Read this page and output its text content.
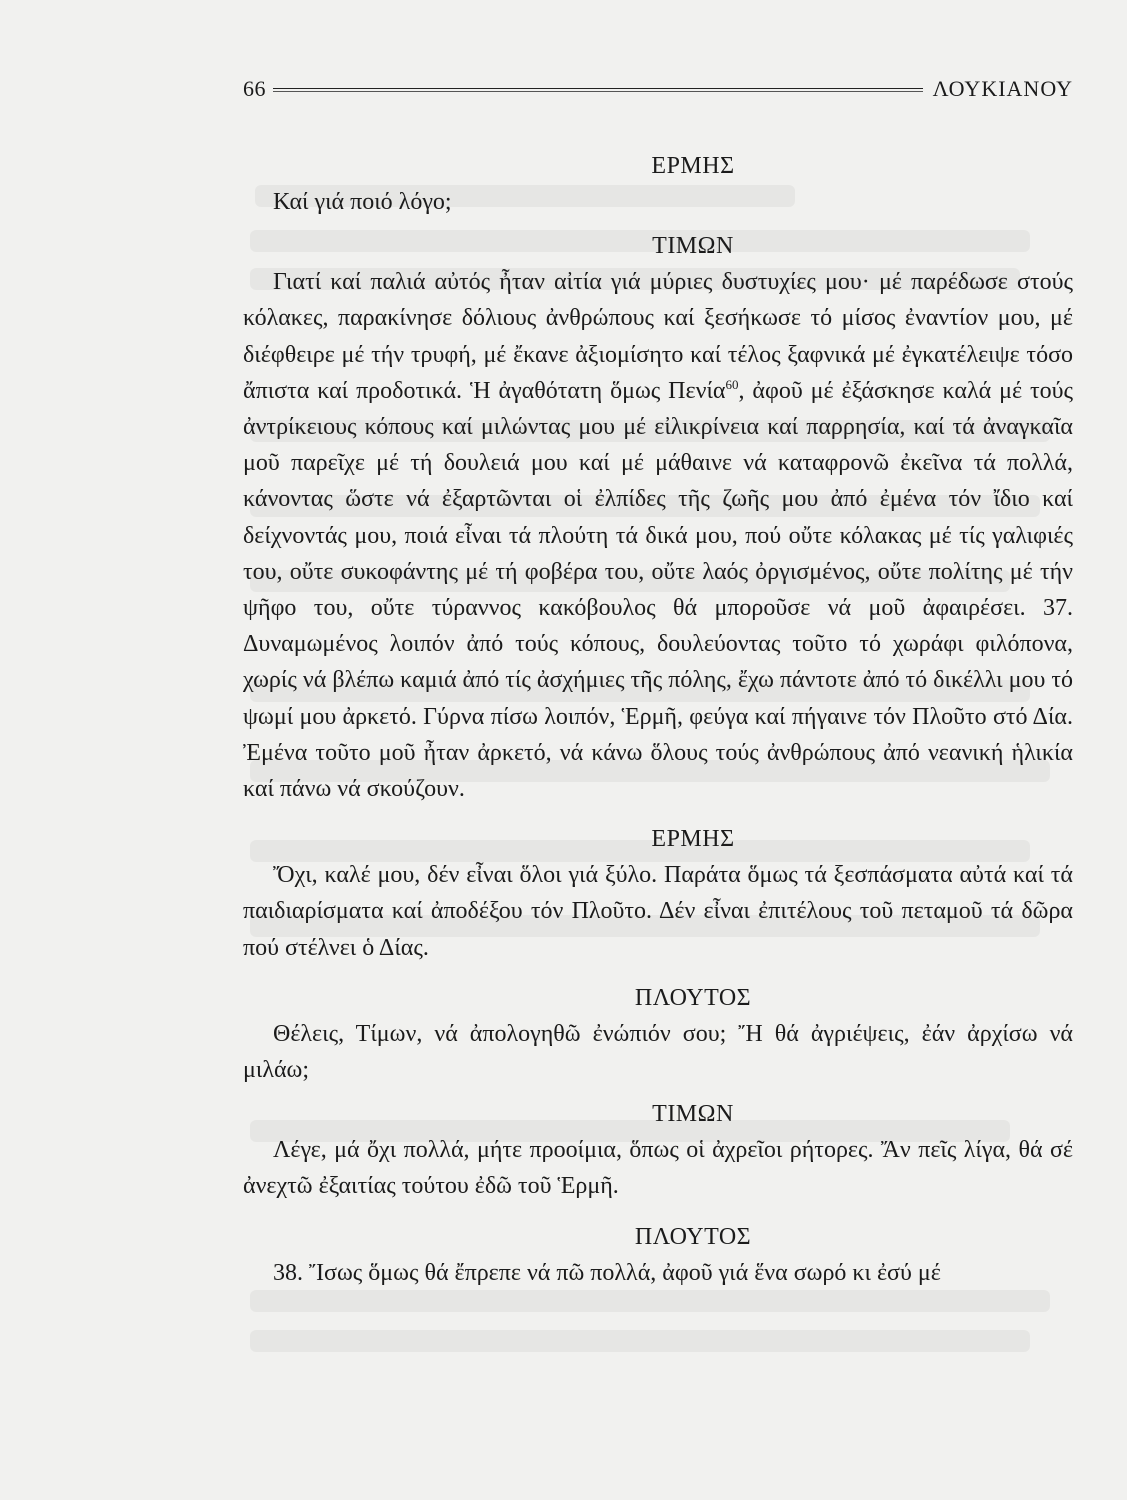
66	ΛΟΥΚΙΑΝΟΥ

ΕΡΜΗΣ

Καί γιά ποιό λόγο;

ΤΙΜΩΝ

Γιατί καί παλιά αὐτός ἦταν αἰτία γιά μύριες δυστυχίες μου· μέ παρέδωσε στούς κόλακες, παρακίνησε δόλιους ἀνθρώπους καί ξεσήκωσε τό μίσος ἐναντίον μου, μέ διέφθειρε μέ τήν τρυφή, μέ ἔκανε ἀξιομίσητο καί τέλος ξαφνικά μέ ἐγκατέλειψε τόσο ἄπιστα καί προδοτικά. Ἡ ἀγαθότατη ὅμως Πενία$^{60}$, ἀφοῦ μέ ἐξάσκησε καλά μέ τούς ἀντρίκειους κόπους καί μιλώντας μου μέ εἰλικρίνεια καί παρρησία, καί τά ἀναγκαῖα μοῦ παρεῖχε μέ τή δουλειά μου καί μέ μάθαινε νά καταφρονῶ ἐκεῖνα τά πολλά, κάνοντας ὥστε νά ἐξαρτῶνται οἱ ἐλπίδες τῆς ζωῆς μου ἀπό ἐμένα τόν ἴδιο καί δείχνοντάς μου, ποιά εἶναι τά πλούτη τά δικά μου, πού οὔτε κόλακας μέ τίς γαλιφιές του, οὔτε συκοφάντης μέ τή φοβέρα του, οὔτε λαός ὀργισμένος, οὔτε πολίτης μέ τήν ψῆφο του, οὔτε τύραννος κακόβουλος θά μποροῦσε νά μοῦ ἀφαιρέσει. 37. Δυναμωμένος λοιπόν ἀπό τούς κόπους, δουλεύοντας τοῦτο τό χωράφι φιλόπονα, χωρίς νά βλέπω καμιά ἀπό τίς ἀσχήμιες τῆς πόλης, ἔχω πάντοτε ἀπό τό δικέλλι μου τό ψωμί μου ἀρκετό. Γύρνα πίσω λοιπόν, Ἑρμῆ, φεύγα καί πήγαινε τόν Πλοῦτο στό Δία. Ἐμένα τοῦτο μοῦ ἦταν ἀρκετό, νά κάνω ὅλους τούς ἀνθρώπους ἀπό νεανική ἡλικία καί πάνω νά σκούζουν.

ΕΡΜΗΣ

Ὄχι, καλέ μου, δέν εἶναι ὅλοι γιά ξύλο. Παράτα ὅμως τά ξεσπάσματα αὐτά καί τά παιδιαρίσματα καί ἀποδέξου τόν Πλοῦτο. Δέν εἶναι ἐπιτέλους τοῦ πεταμοῦ τά δῶρα πού στέλνει ὁ Δίας.

ΠΛΟΥΤΟΣ

Θέλεις, Τίμων, νά ἀπολογηθῶ ἐνώπιόν σου; Ἤ θά ἀγριέψεις, ἐάν ἀρχίσω νά μιλάω;

ΤΙΜΩΝ

Λέγε, μά ὄχι πολλά, μήτε προοίμια, ὅπως οἱ ἀχρεῖοι ρήτορες. Ἄν πεῖς λίγα, θά σέ ἀνεχτῶ ἐξαιτίας τούτου ἐδῶ τοῦ Ἑρμῆ.

ΠΛΟΥΤΟΣ

38. Ἴσως ὅμως θά ἔπρεπε νά πῶ πολλά, ἀφοῦ γιά ἕνα σωρό κι ἐσύ μέ
